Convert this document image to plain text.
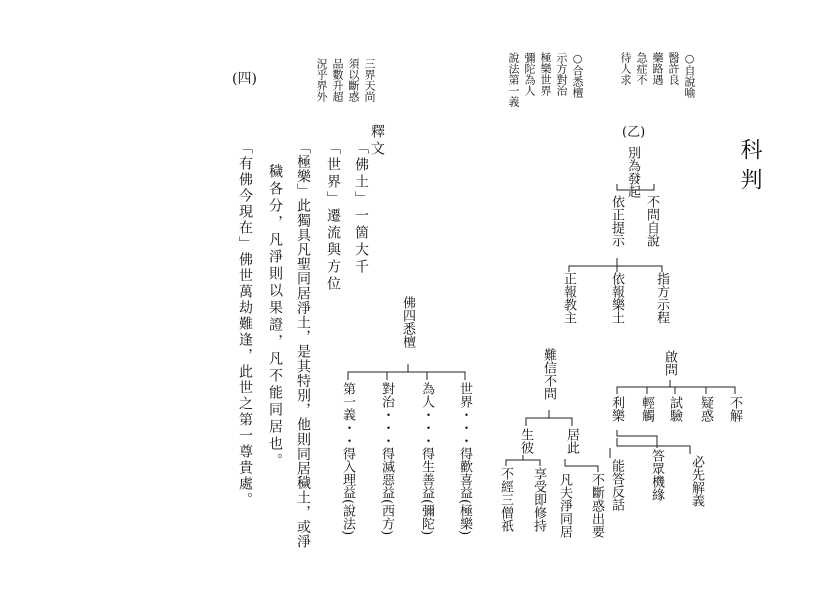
科判
○自說喻
醫許良
藥路遇
急症不
待人求
○合悉檀
示方對治
極樂世界
彌陀為人
說法第一義
三界天尚
須以斷惑
品數升超
況乎界外
(四)
(乙)
別為發起
不問自說
依正提示
指方示程
依報樂土
正報教主
啟問
不解
疑惑
試驗
輕觸
利樂
必先解義
答眾機緣
能答反話
難信不問
居此
生彼
不斷惑出要
凡夫淨同居
享受即修持
不經三僧祇
佛四悉檀
世界・・・得歡喜益(極樂)
為人・・・得生善益(彌陀)
對治・・・得滅惡益(西方)
第一義・・得入理益(說法)
釋文
「佛土」一箇大千
「世界」遷流與方位
「極樂」此獨具凡聖同居淨土，是其特別，他則同居穢土，或淨
穢各分，凡淨則以果證，凡不能同居也。
「有佛今現在」佛世萬劫難逢，此世之第一尊貴處。
